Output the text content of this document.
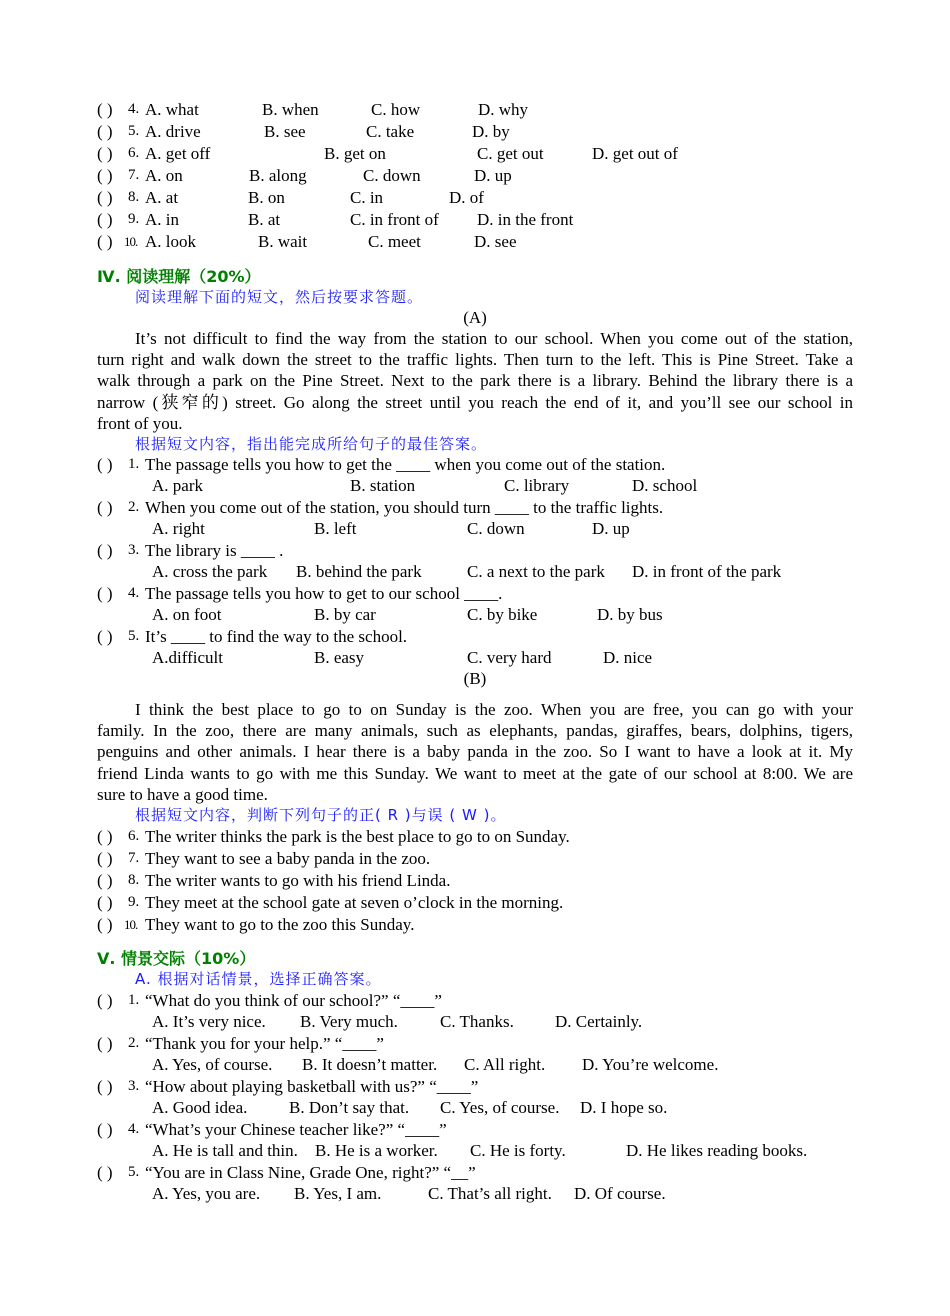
( ) 4. A. what	B. when	C. how	D. why
( ) 5. A. drive	B. see	C. take	D. by
( ) 6. A. get off	B. get on	C. get out	D. get out of
( ) 7. A. on	B. along	C. down	D. up
( ) 8. A. at	B. on	C. in	D. of
( ) 9. A. in	B. at	C. in front of D. in the front
( ) 10. A. look	B. wait	C. meet	D. see
Ⅳ. 阅读理解（20%）
阅读理解下面的短文，然后按要求答题。
(A)
It’s not difficult to find the way from the station to our school. When you come out of the station,
turn right and walk down the street to the traffic lights. Then turn to the left. This is Pine Street. Take a
walk through a park on the Pine Street. Next to the park there is a library. Behind the library there is a
narrow (狭窄的) street. Go along the street until you reach the end of it, and you’ll see our school in
front of you.
根据短文内容，指出能完成所给句子的最佳答案。
( ) 1. The passage tells you how to get the ____ when you come out of the station.
A. park	B. station	C. library	D. school
( ) 2. When you come out of the station, you should turn ____ to the traffic lights.
A. right	B. left	C. down	D. up
( ) 3. The library is ____ .
A. cross the park B. behind the park	C. a next to the park D. in front of the park
( ) 4. The passage tells you how to get to our school ____.
A. on foot	B. by car	C. by bike	D. by bus
( ) 5. It’s ____ to find the way to the school.
A.difficult	B. easy	C. very hard	D. nice
(B)
I think the best place to go to on Sunday is the zoo. When you are free, you can go with your
family. In the zoo, there are many animals, such as elephants, pandas, giraffes, bears, dolphins, tigers,
penguins and other animals. I hear there is a baby panda in the zoo. So I want to have a look at it. My
friend Linda wants to go with me this Sunday. We want to meet at the gate of our school at 8:00. We are
sure to have a good time.
根据短文内容，判断下列句子的正( R )与误 ( W )。
( ) 6. The writer thinks the park is the best place to go to on Sunday.
( ) 7. They want to see a baby panda in the zoo.
( ) 8. The writer wants to go with his friend Linda.
( ) 9. They meet at the school gate at seven o’clock in the morning.
( ) 10. They want to go to the zoo this Sunday.
Ⅴ. 情景交际（10%）
A. 根据对话情景，选择正确答案。
( ) 1. “What do you think of our school?” “____”
A. It’s very nice. B. Very much. C. Thanks. D. Certainly.
( ) 2. “Thank you for your help.” “____”
A. Yes, of course. B. It doesn’t matter. C. All right. D. You’re welcome.
( ) 3. “How about playing basketball with us?” “____”
A. Good idea. B. Don’t say that. C. Yes, of course. D. I hope so.
( ) 4. “What’s your Chinese teacher like?” “____”
A. He is tall and thin. B. He is a worker. C. He is forty.	D. He likes reading books.
( ) 5. “You are in Class Nine, Grade One, right?” “__”
A. Yes, you are. B. Yes, I am.	C. That’s all right. D. Of course.
